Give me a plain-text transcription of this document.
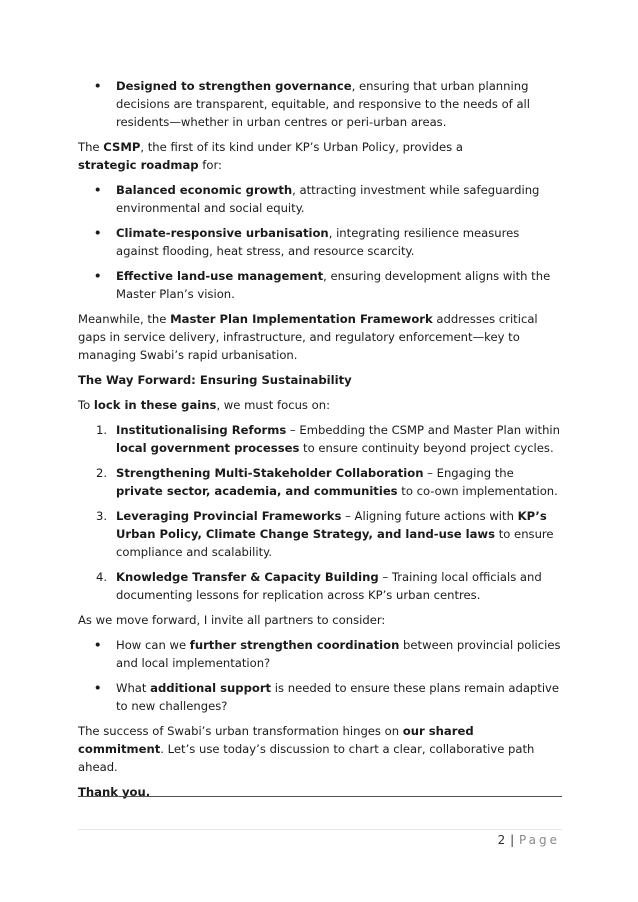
• Designed to strengthen governance, ensuring that urban planning decisions are transparent, equitable, and responsive to the needs of all residents—whether in urban centres or peri-urban areas.

The CSMP, the first of its kind under KP’s Urban Policy, provides a strategic roadmap for:

• Balanced economic growth, attracting investment while safeguarding environmental and social equity.
• Climate-responsive urbanisation, integrating resilience measures against flooding, heat stress, and resource scarcity.
• Effective land-use management, ensuring development aligns with the Master Plan’s vision.

Meanwhile, the Master Plan Implementation Framework addresses critical gaps in service delivery, infrastructure, and regulatory enforcement—key to managing Swabi’s rapid urbanisation.

The Way Forward: Ensuring Sustainability

To lock in these gains, we must focus on:

1. Institutionalising Reforms – Embedding the CSMP and Master Plan within local government processes to ensure continuity beyond project cycles.
2. Strengthening Multi-Stakeholder Collaboration – Engaging the private sector, academia, and communities to co-own implementation.
3. Leveraging Provincial Frameworks – Aligning future actions with KP’s Urban Policy, Climate Change Strategy, and land-use laws to ensure compliance and scalability.
4. Knowledge Transfer & Capacity Building – Training local officials and documenting lessons for replication across KP’s urban centres.

As we move forward, I invite all partners to consider:

• How can we further strengthen coordination between provincial policies and local implementation?
• What additional support is needed to ensure these plans remain adaptive to new challenges?

The success of Swabi’s urban transformation hinges on our shared commitment. Let’s use today’s discussion to chart a clear, collaborative path ahead.

Thank you.

2 | Page
